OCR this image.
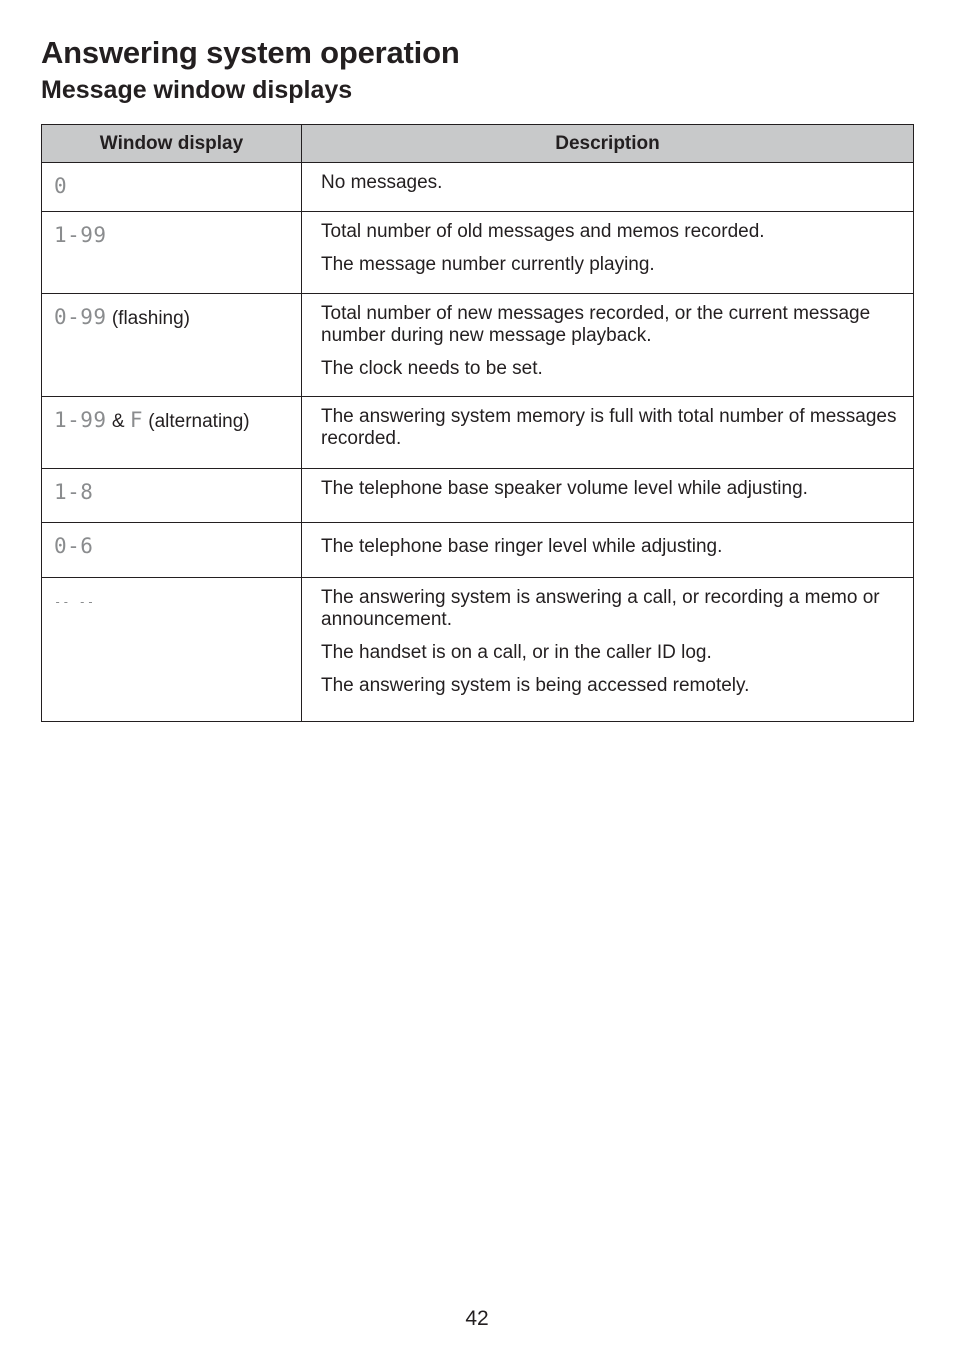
Answering system operation
Message window displays
Window display	Description
0	No messages.

1-99	Total number of old messages and memos recorded.

The message number currently playing.

0-99 (flashing)	Total number of new messages recorded, or the current message number during new message playback.

The clock needs to be set.

1-99 & F (alternating)	The answering system memory is full with total number of messages recorded.

1-8	The telephone base speaker volume level while adjusting.

0-6	The telephone base ringer level while adjusting.

-- --	The answering system is answering a call, or recording a memo or announcement.

The handset is on a call, or in the caller ID log.

The answering system is being accessed remotely.

42
